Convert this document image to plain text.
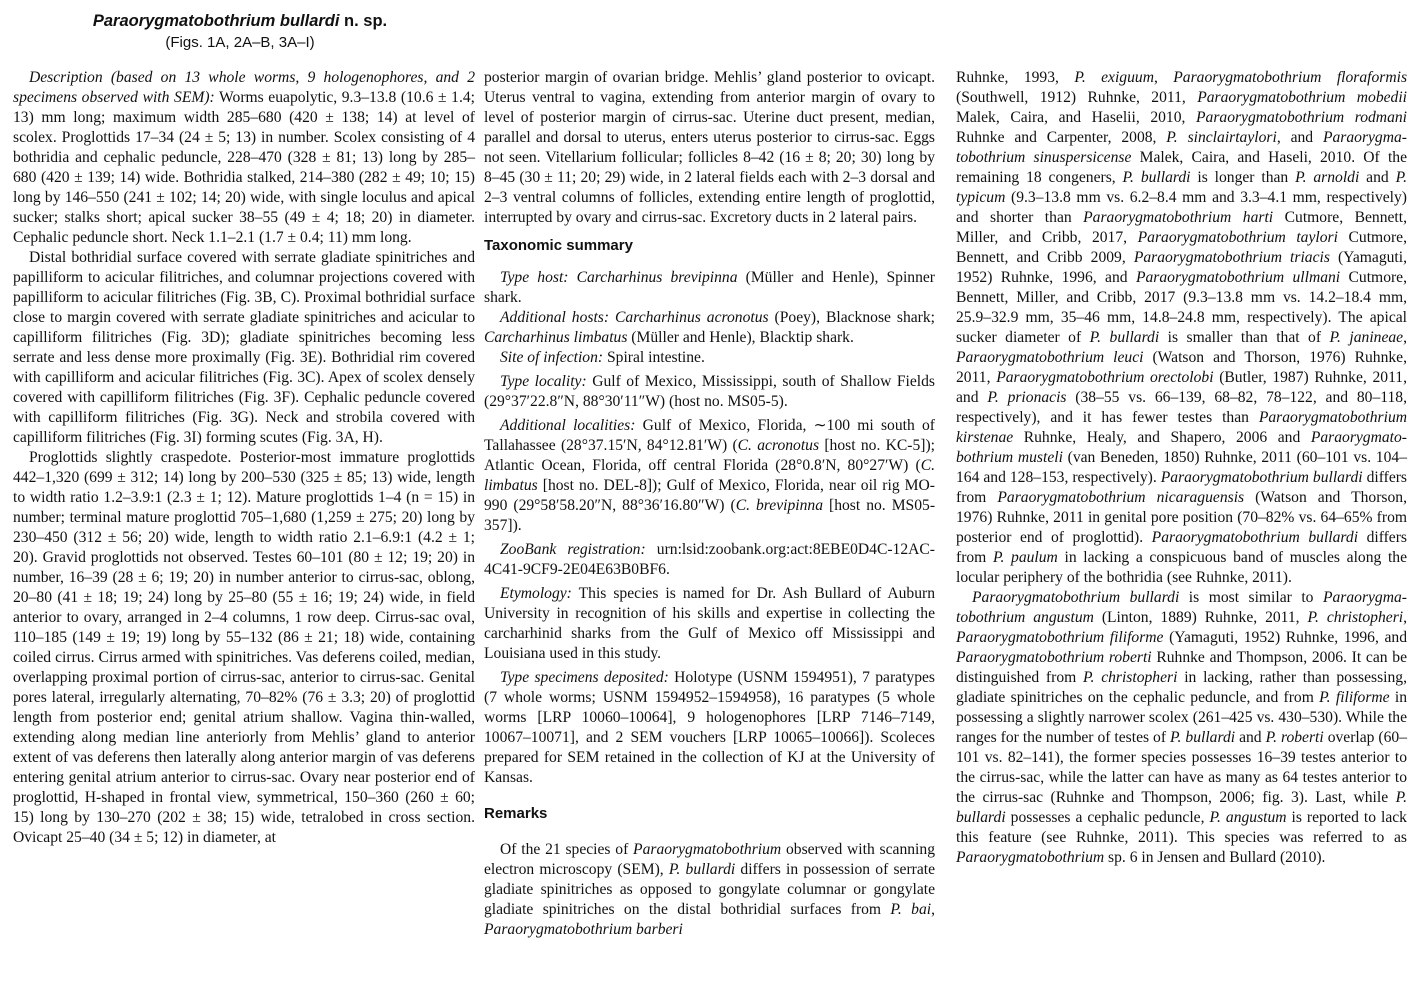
Paraorygmatobothrium bullardi n. sp.
(Figs. 1A, 2A–B, 3A–I)

Description (based on 13 whole worms, 9 hologenophores, and 2 specimens observed with SEM): Worms euapolytic, 9.3–13.8 (10.6 ± 1.4; 13) mm long; maximum width 285–680 (420 ± 138; 14) at level of scolex. Proglottids 17–34 (24 ± 5; 13) in number. Scolex consisting of 4 bothridia and cephalic peduncle, 228–470 (328 ± 81; 13) long by 285–680 (420 ± 139; 14) wide. Bothridia stalked, 214–380 (282 ± 49; 10; 15) long by 146–550 (241 ± 102; 14; 20) wide, with single loculus and apical sucker; stalks short; apical sucker 38–55 (49 ± 4; 18; 20) in diameter. Cephalic peduncle short. Neck 1.1–2.1 (1.7 ± 0.4; 11) mm long.

Distal bothridial surface covered with serrate gladiate spinitriches and papilliform to acicular filitriches, and columnar projections covered with papilliform to acicular filitriches (Fig. 3B, C). Proximal bothridial surface close to margin covered with serrate gladiate spinitriches and acicular to capilliform filitriches (Fig. 3D); gladiate spinitriches becoming less serrate and less dense more proximally (Fig. 3E). Bothridial rim covered with capilliform and acicular filitriches (Fig. 3C). Apex of scolex densely covered with capilliform filitriches (Fig. 3F). Cephalic peduncle covered with capilliform filitriches (Fig. 3G). Neck and strobila covered with capilliform filitriches (Fig. 3I) forming scutes (Fig. 3A, H).

Proglottids slightly craspedote. Posterior-most immature proglottids 442–1,320 (699 ± 312; 14) long by 200–530 (325 ± 85; 13) wide, length to width ratio 1.2–3.9:1 (2.3 ± 1; 12). Mature proglottids 1–4 (n = 15) in number; terminal mature proglottid 705–1,680 (1,259 ± 275; 20) long by 230–450 (312 ± 56; 20) wide, length to width ratio 2.1–6.9:1 (4.2 ± 1; 20). Gravid proglottids not observed. Testes 60–101 (80 ± 12; 19; 20) in number, 16–39 (28 ± 6; 19; 20) in number anterior to cirrus-sac, oblong, 20–80 (41 ± 18; 19; 24) long by 25–80 (55 ± 16; 19; 24) wide, in field anterior to ovary, arranged in 2–4 columns, 1 row deep. Cirrus-sac oval, 110–185 (149 ± 19; 19) long by 55–132 (86 ± 21; 18) wide, containing coiled cirrus. Cirrus armed with spinitriches. Vas deferens coiled, median, overlapping proximal portion of cirrus-sac, anterior to cirrus-sac. Genital pores lateral, irregularly alternating, 70–82% (76 ± 3.3; 20) of proglottid length from posterior end; genital atrium shallow. Vagina thin-walled, extending along median line anteriorly from Mehlis’ gland to anterior extent of vas deferens then laterally along anterior margin of vas deferens entering genital atrium anterior to cirrus-sac. Ovary near posterior end of proglottid, H-shaped in frontal view, symmetrical, 150–360 (260 ± 60; 15) long by 130–270 (202 ± 38; 15) wide, tetralobed in cross section. Ovicapt 25–40 (34 ± 5; 12) in diameter, at

posterior margin of ovarian bridge. Mehlis’ gland posterior to ovicapt. Uterus ventral to vagina, extending from anterior margin of ovary to level of posterior margin of cirrus-sac. Uterine duct present, median, parallel and dorsal to uterus, enters uterus posterior to cirrus-sac. Eggs not seen. Vitellarium follicular; follicles 8–42 (16 ± 8; 20; 30) long by 8–45 (30 ± 11; 20; 29) wide, in 2 lateral fields each with 2–3 dorsal and 2–3 ventral columns of follicles, extending entire length of proglottid, interrupted by ovary and cirrus-sac. Excretory ducts in 2 lateral pairs.

Taxonomic summary

Type host: Carcharhinus brevipinna (Müller and Henle), Spinner shark.

Additional hosts: Carcharhinus acronotus (Poey), Blacknose shark; Carcharhinus limbatus (Müller and Henle), Blacktip shark.

Site of infection: Spiral intestine.

Type locality: Gulf of Mexico, Mississippi, south of Shallow Fields (29°37′22.8″N, 88°30′11″W) (host no. MS05-5).

Additional localities: Gulf of Mexico, Florida, ∼100 mi south of Tallahassee (28°37.15′N, 84°12.81′W) (C. acronotus [host no. KC-5]); Atlantic Ocean, Florida, off central Florida (28°0.8′N, 80°27′W) (C. limbatus [host no. DEL-8]); Gulf of Mexico, Florida, near oil rig MO-990 (29°58′58.20″N, 88°36′16.80″W) (C. brevipinna [host no. MS05-357]).

ZooBank registration: urn:lsid:zoobank.org:act:8EBE0D4C-12AC-4C41-9CF9-2E04E63B0BF6.

Etymology: This species is named for Dr. Ash Bullard of Auburn University in recognition of his skills and expertise in collecting the carcharhinid sharks from the Gulf of Mexico off Mississippi and Louisiana used in this study.

Type specimens deposited: Holotype (USNM 1594951), 7 paratypes (7 whole worms; USNM 1594952–1594958), 16 paratypes (5 whole worms [LRP 10060–10064], 9 hologenophores [LRP 7146–7149, 10067–10071], and 2 SEM vouchers [LRP 10065–10066]). Scoleces prepared for SEM retained in the collection of KJ at the University of Kansas.

Remarks

Of the 21 species of Paraorygmatobothrium observed with scanning electron microscopy (SEM), P. bullardi differs in possession of serrate gladiate spinitriches as opposed to gongylate columnar or gongylate gladiate spinitriches on the distal bothridial surfaces from P. bai, Paraorygmatobothrium barberi

Ruhnke, 1993, P. exiguum, Paraorygmatobothrium floraformis (Southwell, 1912) Ruhnke, 2011, Paraorygmatobothrium mobedii Malek, Caira, and Haselii, 2010, Paraorygmatobothrium rodmani Ruhnke and Carpenter, 2008, P. sinclairtaylori, and Paraorygmatobothrium sinuspersicense Malek, Caira, and Haseli, 2010. Of the remaining 18 congeners, P. bullardi is longer than P. arnoldi and P. typicum (9.3–13.8 mm vs. 6.2–8.4 mm and 3.3–4.1 mm, respectively) and shorter than Paraorygmatobothrium harti Cutmore, Bennett, Miller, and Cribb, 2017, Paraorygmatobothrium taylori Cutmore, Bennett, and Cribb 2009, Paraorygmatobothrium triacis (Yamaguti, 1952) Ruhnke, 1996, and Paraorygmatobothrium ullmani Cutmore, Bennett, Miller, and Cribb, 2017 (9.3–13.8 mm vs. 14.2–18.4 mm, 25.9–32.9 mm, 35–46 mm, 14.8–24.8 mm, respectively). The apical sucker diameter of P. bullardi is smaller than that of P. janineae, Paraorygmatobothrium leuci (Watson and Thorson, 1976) Ruhnke, 2011, Paraorygmatobothrium orectolobi (Butler, 1987) Ruhnke, 2011, and P. prionacis (38–55 vs. 66–139, 68–82, 78–122, and 80–118, respectively), and it has fewer testes than Paraorygmatobothrium kirstenae Ruhnke, Healy, and Shapero, 2006 and Paraorygmatobothrium musteli (van Beneden, 1850) Ruhnke, 2011 (60–101 vs. 104–164 and 128–153, respectively). Paraorygmatobothrium bullardi differs from Paraorygmatobothrium nicaraguensis (Watson and Thorson, 1976) Ruhnke, 2011 in genital pore position (70–82% vs. 64–65% from posterior end of proglottid). Paraorygmatobothrium bullardi differs from P. paulum in lacking a conspicuous band of muscles along the locular periphery of the bothridia (see Ruhnke, 2011).

Paraorygmatobothrium bullardi is most similar to Paraorygmatobothrium angustum (Linton, 1889) Ruhnke, 2011, P. christopheri, Paraorygmatobothrium filiforme (Yamaguti, 1952) Ruhnke, 1996, and Paraorygmatobothrium roberti Ruhnke and Thompson, 2006. It can be distinguished from P. christopheri in lacking, rather than possessing, gladiate spinitriches on the cephalic peduncle, and from P. filiforme in possessing a slightly narrower scolex (261–425 vs. 430–530). While the ranges for the number of testes of P. bullardi and P. roberti overlap (60–101 vs. 82–141), the former species possesses 16–39 testes anterior to the cirrus-sac, while the latter can have as many as 64 testes anterior to the cirrus-sac (Ruhnke and Thompson, 2006; fig. 3). Last, while P. bullardi possesses a cephalic peduncle, P. angustum is reported to lack this feature (see Ruhnke, 2011). This species was referred to as Paraorygmatobothrium sp. 6 in Jensen and Bullard (2010).
